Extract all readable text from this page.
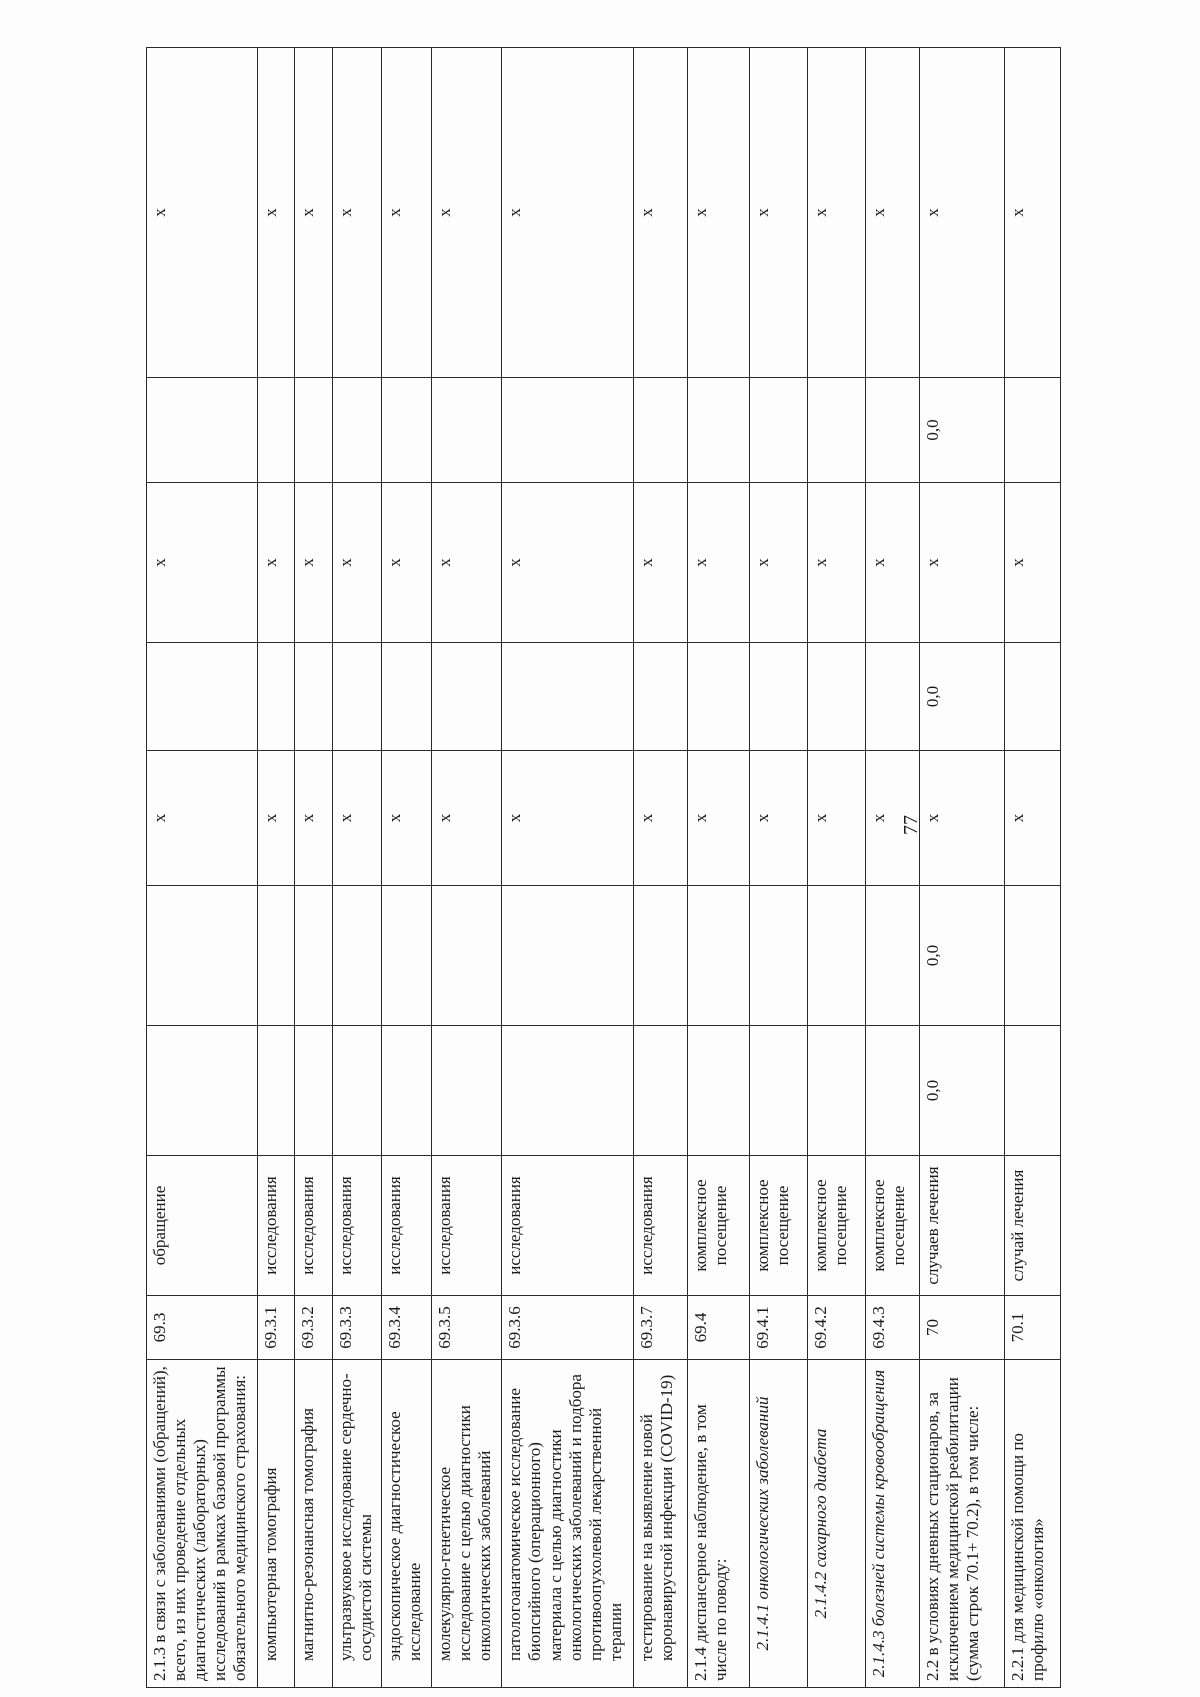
2.1.3 в связи с заболеваниями (обращений), всего, из них проведение отдельных диагностических (лабораторных) исследований в рамках базовой программы обязательного медицинского страхования:	69.3	обращение			х		х		х
компьютерная томография	69.3.1	исследования			х		х		х
магнитно-резонансная томография	69.3.2	исследования			х		х		х
ультразвуковое исследование сердечно-сосудистой системы	69.3.3	исследования			х		х		х
эндоскопическое диагностическое исследование	69.3.4	исследования			х		х		х
молекулярно-генетическое исследование с целью диагностики онкологических заболеваний	69.3.5	исследования			х		х		х
патологоанатомическое исследование биопсийного (операционного) материала с целью диагностики онкологических заболеваний и подбора противоопухолевой лекарственной терапии	69.3.6	исследования			х		х		х
тестирование на выявление новой коронавирусной инфекции (COVID-19)	69.3.7	исследования			х		х		х
2.1.4 диспансерное наблюдение, в том числе по поводу:	69.4	комплексное посещение			х		х		х
2.1.4.1 онкологических заболеваний	69.4.1	комплексное посещение			х		х		х
2.1.4.2 сахарного диабета	69.4.2	комплексное посещение			х		х		х
2.1.4.3 болезней системы кровообращения	69.4.3	комплексное посещение			х		х		х
2.2 в условиях дневных стационаров, за исключением медицинской реабилитации (сумма строк 70.1+ 70.2), в том числе:	70	случаев лечения	0,0	0,0	х	0,0	х	0,0	х
2.2.1 для медицинской помощи по профилю «онкология»	70.1	случай лечения			х		х		х
77
